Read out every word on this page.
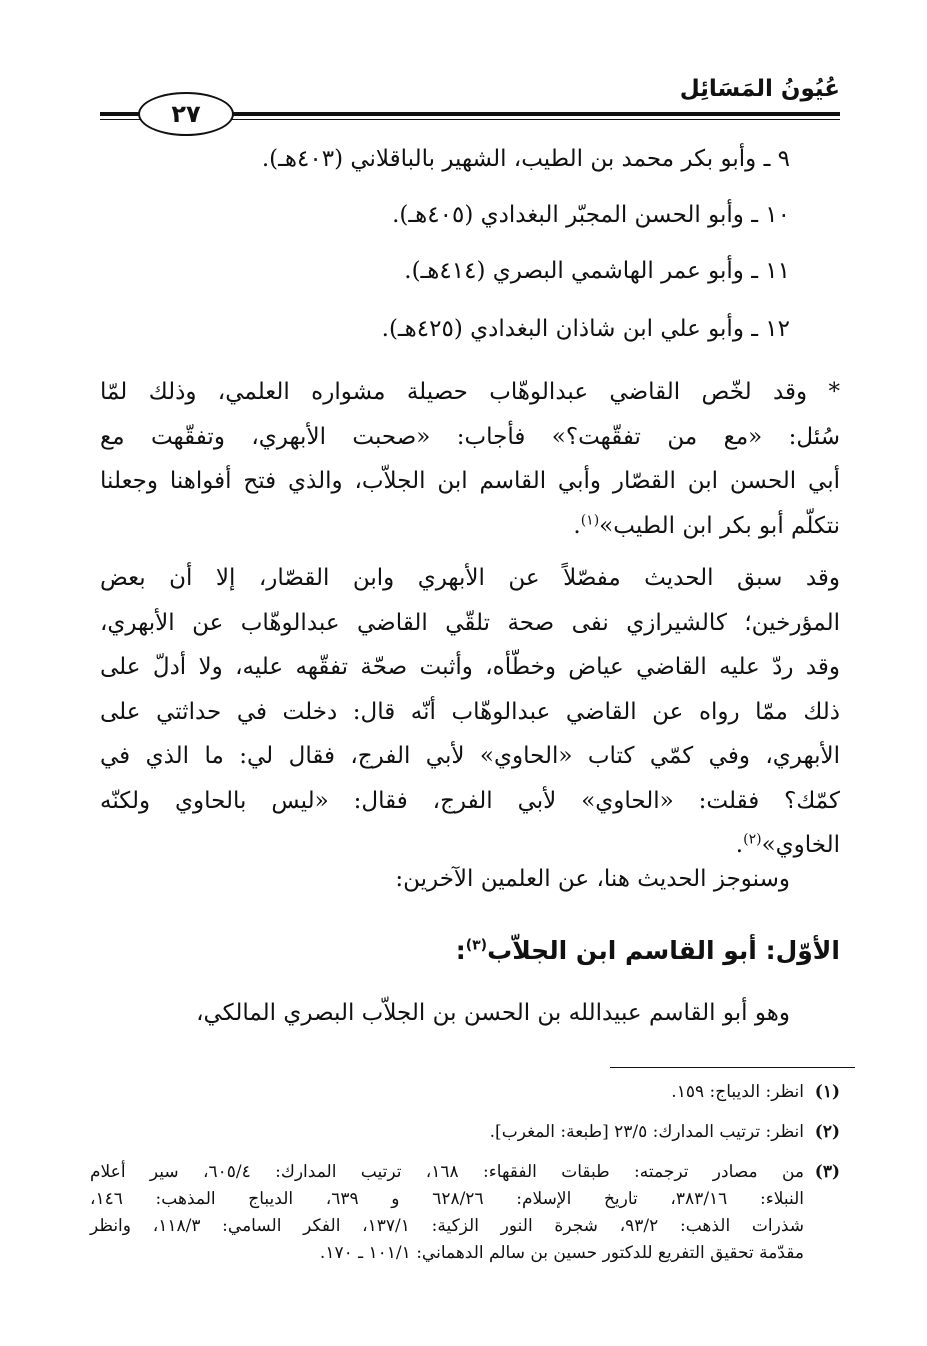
عُيُونُ المَسَائِل
٢٧
٩ ـ وأبو بكر محمد بن الطيب، الشهير بالباقلاني (٤٠٣هـ).
١٠ ـ وأبو الحسن المجبّر البغدادي (٤٠٥هـ).
١١ ـ وأبو عمر الهاشمي البصري (٤١٤هـ).
١٢ ـ وأبو علي ابن شاذان البغدادي (٤٢٥هـ).
* وقد لخّص القاضي عبدالوهّاب حصيلة مشواره العلمي، وذلك لمّا
سُئل: «مع من تفقّهت؟» فأجاب: «صحبت الأبهري، وتفقّهت مع
أبي الحسن ابن القصّار وأبي القاسم ابن الجلاّب، والذي فتح أفواهنا وجعلنا
نتكلّم أبو بكر ابن الطيب»$^{(١)}$.
وقد سبق الحديث مفصّلاً عن الأبهري وابن القصّار، إلا أن بعض
المؤرخين؛ كالشيرازي نفى صحة تلقّي القاضي عبدالوهّاب عن الأبهري،
وقد ردّ عليه القاضي عياض وخطّأه، وأثبت صحّة تفقّهه عليه، ولا أدلّ على
ذلك ممّا رواه عن القاضي عبدالوهّاب أنّه قال: دخلت في حداثتي على
الأبهري، وفي كمّي كتاب «الحاوي» لأبي الفرج، فقال لي: ما الذي في
كمّك؟ فقلت: «الحاوي» لأبي الفرج، فقال: «ليس بالحاوي ولكنّه
الخاوي»$^{(٢)}$.
وسنوجز الحديث هنا، عن العلمين الآخرين:
الأوّل: أبو القاسم ابن الجلاّب$^{(٣)}$:
وهو أبو القاسم عبيدالله بن الحسن بن الجلاّب البصري المالكي،
(١)انظر: الديباج: ١٥٩.
(٢)انظر: ترتيب المدارك: ٢٣/٥ [طبعة: المغرب].
(٣)
من مصادر ترجمته: طبقات الفقهاء: ١٦٨، ترتيب المدارك: ٦٠٥/٤، سير أعلام
النبلاء: ٣٨٣/١٦، تاريخ الإسلام: ٦٢٨/٢٦ و ٦٣٩، الديباج المذهب: ١٤٦،
شذرات الذهب: ٩٣/٢، شجرة النور الزكية: ١٣٧/١، الفكر السامي: ١١٨/٣، وانظر
مقدّمة تحقيق التفريع للدكتور حسين بن سالم الدهماني: ١٠١/١ ـ ١٧٠.
